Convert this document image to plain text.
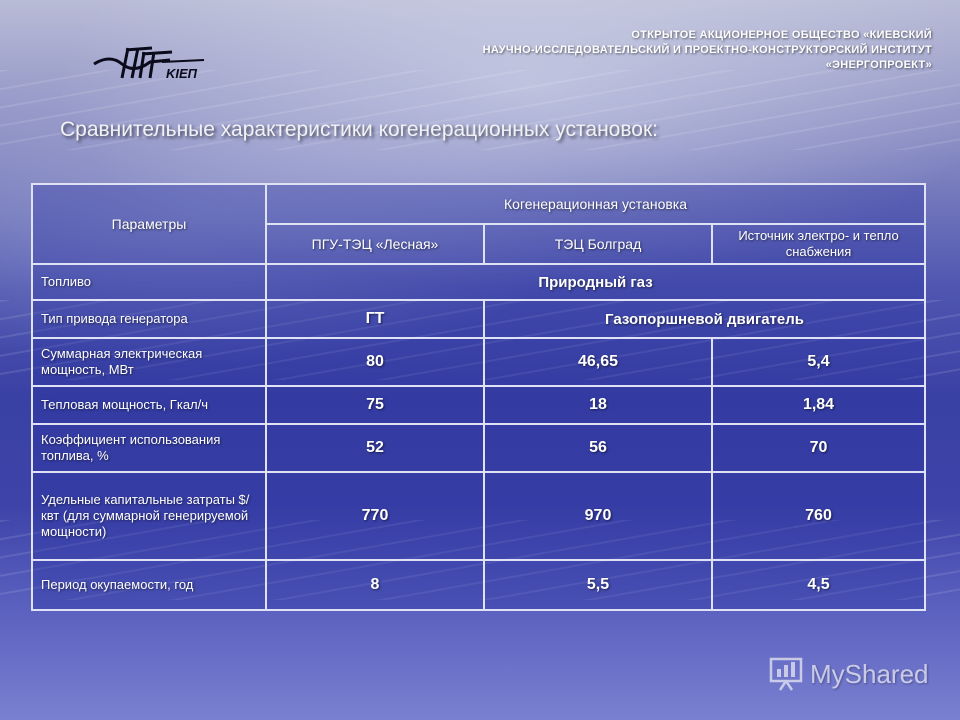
KIEП
ОТКРЫТОЕ АКЦИОНЕРНОЕ ОБЩЕСТВО «КИЕВСКИЙ
НАУЧНО-ИССЛЕДОВАТЕЛЬСКИЙ И ПРОЕКТНО-КОНСТРУКТОРСКИЙ ИНСТИТУТ
«ЭНЕРГОПРОЕКТ»
Сравнительные характеристики когенерационных установок:
Параметры	Когенерационная установка		
	ПГУ-ТЭЦ «Лесная»	ТЭЦ Болград	Источник электро- и тепло снабжения
Топливо	Природный газ		
Тип привода генератора	ГТ	Газопоршневой двигатель	
Суммарная электрическая мощность, МВт	80	46,65	5,4
Тепловая мощность, Гкал/ч	75	18	1,84
Коэффициент использования топлива, %	52	56	70
Удельные капитальные затраты $/квт (для суммарной генерируемой мощности)	770	970	760
Период окупаемости, год	8	5,5	4,5
MyShared
